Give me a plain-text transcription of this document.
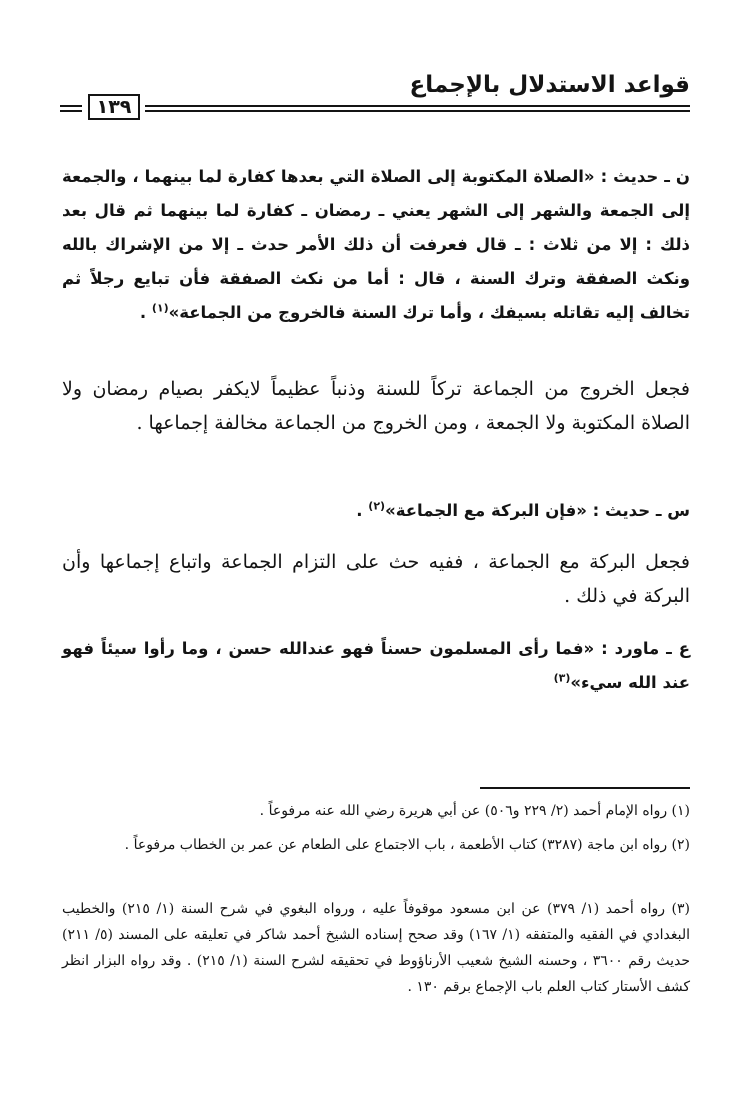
قواعد الاستدلال بالإجماع
١٣٩
ن ـ حديث : «الصلاة المكتوبة إلى الصلاة التي بعدها كفارة لما بينهما ، والجمعة إلى الجمعة والشهر إلى الشهر يعني ـ رمضان ـ كفارة لما بينهما ثم قال بعد ذلك : إلا من ثلاث : ـ قال فعرفت أن ذلك الأمر حدث ـ إلا من الإشراك بالله ونكث الصفقة وترك السنة ، قال : أما من نكث الصفقة فأن تبايع رجلاً ثم تخالف إليه تقاتله بسيفك ، وأما ترك السنة فالخروج من الجماعة»$^{(١)}$ .
فجعل الخروج من الجماعة تركاً للسنة وذنباً عظيماً لايكفر بصيام رمضان ولا الصلاة المكتوبة ولا الجمعة ، ومن الخروج من الجماعة مخالفة إجماعها .
س ـ حديث : «فإن البركة مع الجماعة»$^{(٢)}$ .
فجعل البركة مع الجماعة ، ففيه حث على التزام الجماعة واتباع إجماعها وأن البركة في ذلك .
ع ـ ماورد : «فما رأى المسلمون حسناً فهو عندالله حسن ، وما رأوا سيئاً فهو عند الله سيء»$^{(٣)}$
(١) رواه الإمام أحمد (٢/ ٢٢٩ و٥٠٦) عن أبي هريرة رضي الله عنه مرفوعاً .
(٢) رواه ابن ماجة (٣٢٨٧) كتاب الأطعمة ، باب الاجتماع على الطعام عن عمر بن الخطاب مرفوعاً .
(٣) رواه أحمد (١/ ٣٧٩) عن ابن مسعود موقوفاً عليه ، ورواه البغوي في شرح السنة (١/ ٢١٥) والخطيب البغدادي في الفقيه والمتفقه (١/ ١٦٧) وقد صحح إسناده الشيخ أحمد شاكر في تعليقه على المسند (٥/ ٢١١) حديث رقم ٣٦٠٠ ، وحسنه الشيخ شعيب الأرناؤوط في تحقيقه لشرح السنة (١/ ٢١٥) . وقد رواه البزار انظر كشف الأستار كتاب العلم باب الإجماع برقم ١٣٠ .
